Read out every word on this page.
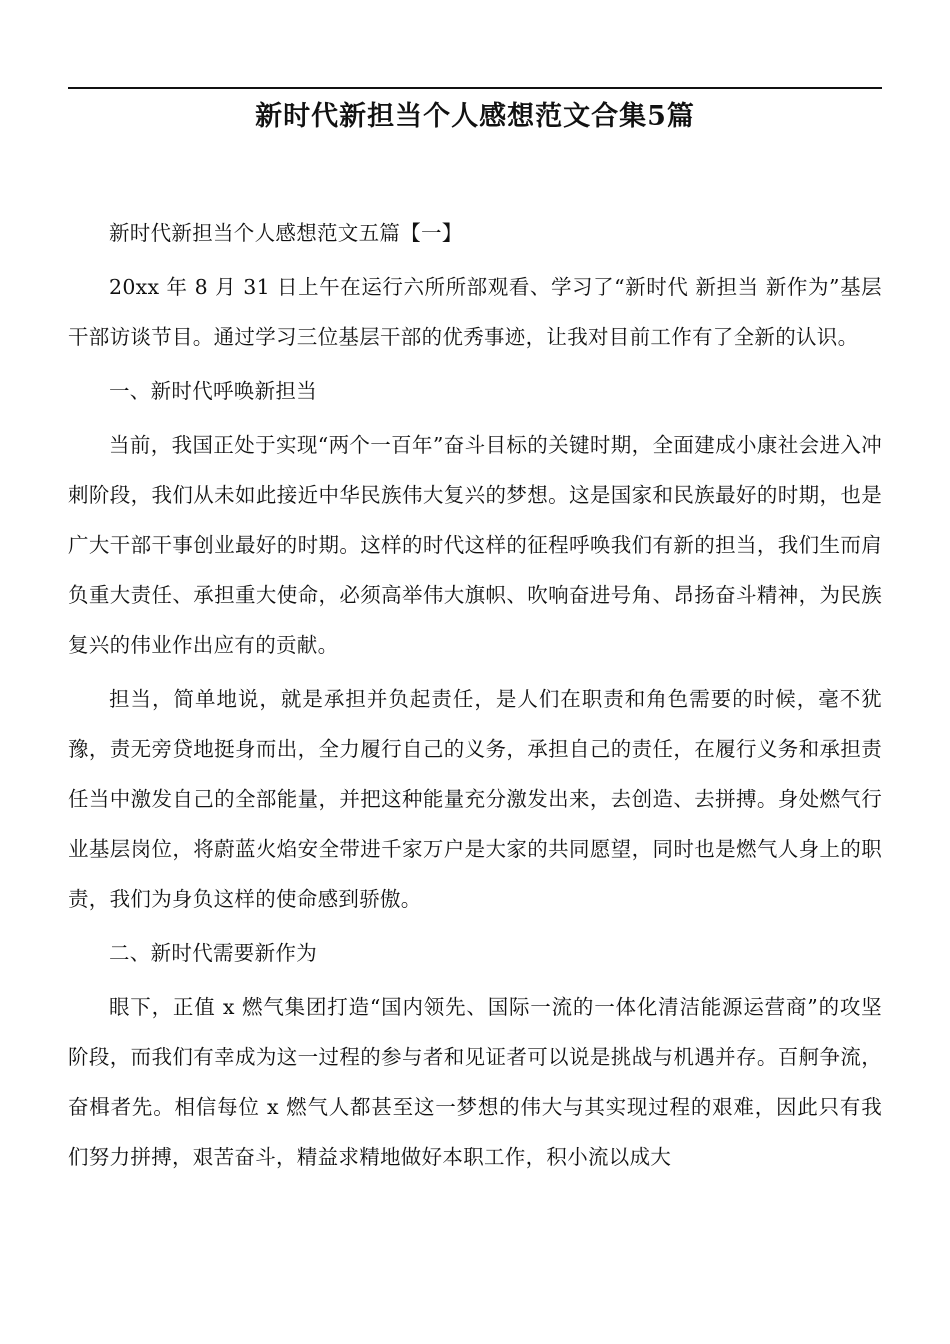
新时代新担当个人感想范文合集5篇

新时代新担当个人感想范文五篇【一】

20xx 年 8 月 31 日上午在运行六所所部观看、学习了“新时代 新担当 新作为”基层干部访谈节目。通过学习三位基层干部的优秀事迹，让我对目前工作有了全新的认识。

一、新时代呼唤新担当

当前，我国正处于实现“两个一百年”奋斗目标的关键时期，全面建成小康社会进入冲刺阶段，我们从未如此接近中华民族伟大复兴的梦想。这是国家和民族最好的时期，也是广大干部干事创业最好的时期。这样的时代这样的征程呼唤我们有新的担当，我们生而肩负重大责任、承担重大使命，必须高举伟大旗帜、吹响奋进号角、昂扬奋斗精神，为民族复兴的伟业作出应有的贡献。

担当，简单地说，就是承担并负起责任，是人们在职责和角色需要的时候，毫不犹豫，责无旁贷地挺身而出，全力履行自己的义务，承担自己的责任，在履行义务和承担责任当中激发自己的全部能量，并把这种能量充分激发出来，去创造、去拼搏。身处燃气行业基层岗位，将蔚蓝火焰安全带进千家万户是大家的共同愿望，同时也是燃气人身上的职责，我们为身负这样的使命感到骄傲。

二、新时代需要新作为

眼下，正值 x 燃气集团打造“国内领先、国际一流的一体化清洁能源运营商”的攻坚阶段，而我们有幸成为这一过程的参与者和见证者可以说是挑战与机遇并存。百舸争流，奋楫者先。相信每位 x 燃气人都甚至这一梦想的伟大与其实现过程的艰难，因此只有我们努力拼搏，艰苦奋斗，精益求精地做好本职工作，积小流以成大
